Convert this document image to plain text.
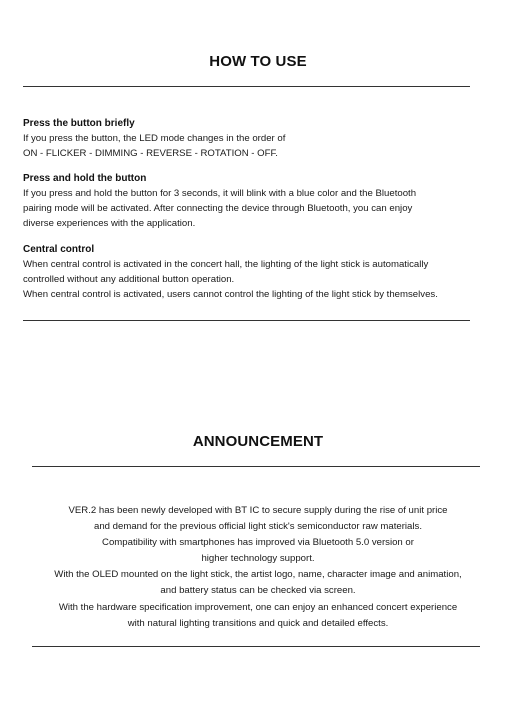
HOW TO USE
Press the button briefly

If you press the button, the LED mode changes in the order of

ON - FLICKER - DIMMING - REVERSE - ROTATION - OFF.

Press and hold the button

If you press and hold the button for 3 seconds, it will blink with a blue color and the Bluetooth

pairing mode will be activated. After connecting the device through Bluetooth, you can enjoy

diverse experiences with the application.

Central control

When central control is activated in the concert hall, the lighting of the light stick is automatically

controlled without any additional button operation.

When central control is activated, users cannot control the lighting of the light stick by themselves.

ANNOUNCEMENT

VER.2 has been newly developed with BT IC to secure supply during the rise of unit price

and demand for the previous official light stick's semiconductor raw materials.

Compatibility with smartphones has improved via Bluetooth 5.0 version or

higher technology support.

With the OLED mounted on the light stick, the artist logo, name, character image and animation,

and battery status can be checked via screen.

With the hardware specification improvement, one can enjoy an enhanced concert experience

with natural lighting transitions and quick and detailed effects.
